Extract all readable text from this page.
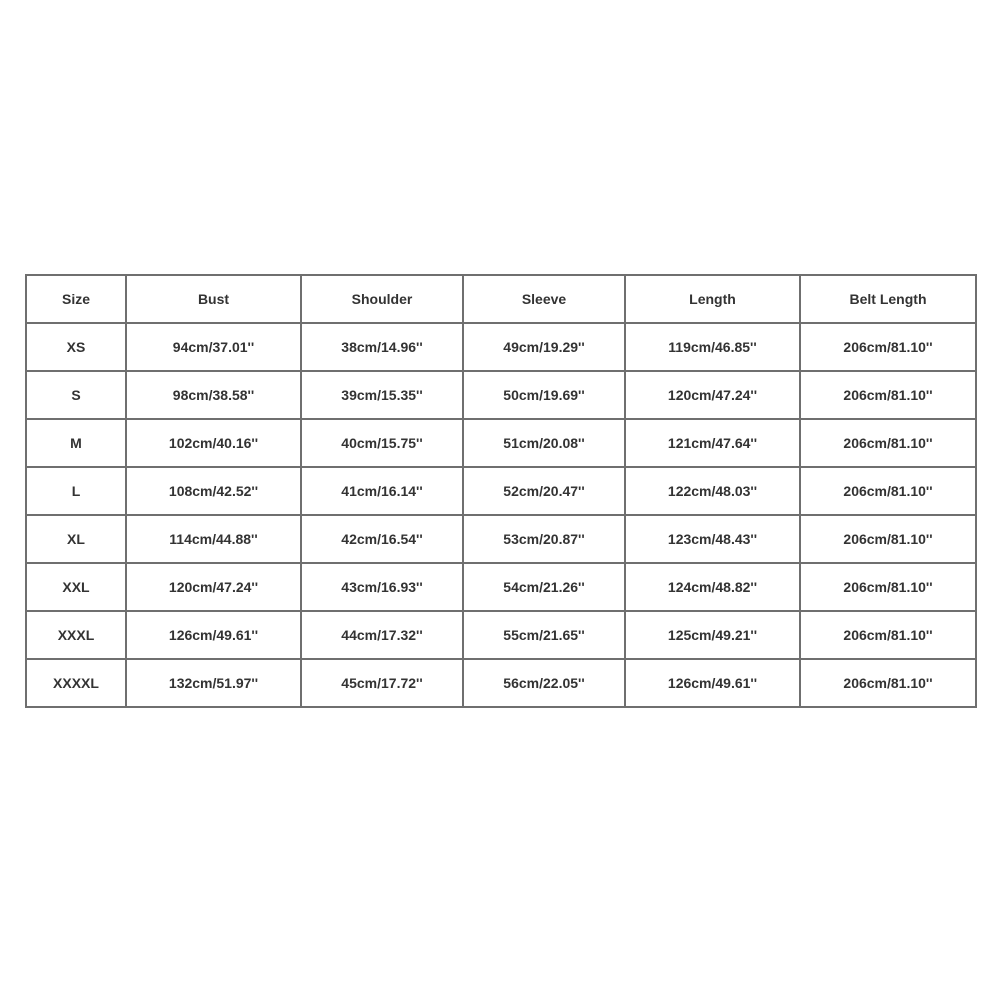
Size	Bust	Shoulder	Sleeve	Length	Belt Length
XS	94cm/37.01''	38cm/14.96''	49cm/19.29''	119cm/46.85''	206cm/81.10''
S	98cm/38.58''	39cm/15.35''	50cm/19.69''	120cm/47.24''	206cm/81.10''
M	102cm/40.16''	40cm/15.75''	51cm/20.08''	121cm/47.64''	206cm/81.10''
L	108cm/42.52''	41cm/16.14''	52cm/20.47''	122cm/48.03''	206cm/81.10''
XL	114cm/44.88''	42cm/16.54''	53cm/20.87''	123cm/48.43''	206cm/81.10''
XXL	120cm/47.24''	43cm/16.93''	54cm/21.26''	124cm/48.82''	206cm/81.10''
XXXL	126cm/49.61''	44cm/17.32''	55cm/21.65''	125cm/49.21''	206cm/81.10''
XXXXL	132cm/51.97''	45cm/17.72''	56cm/22.05''	126cm/49.61''	206cm/81.10''
